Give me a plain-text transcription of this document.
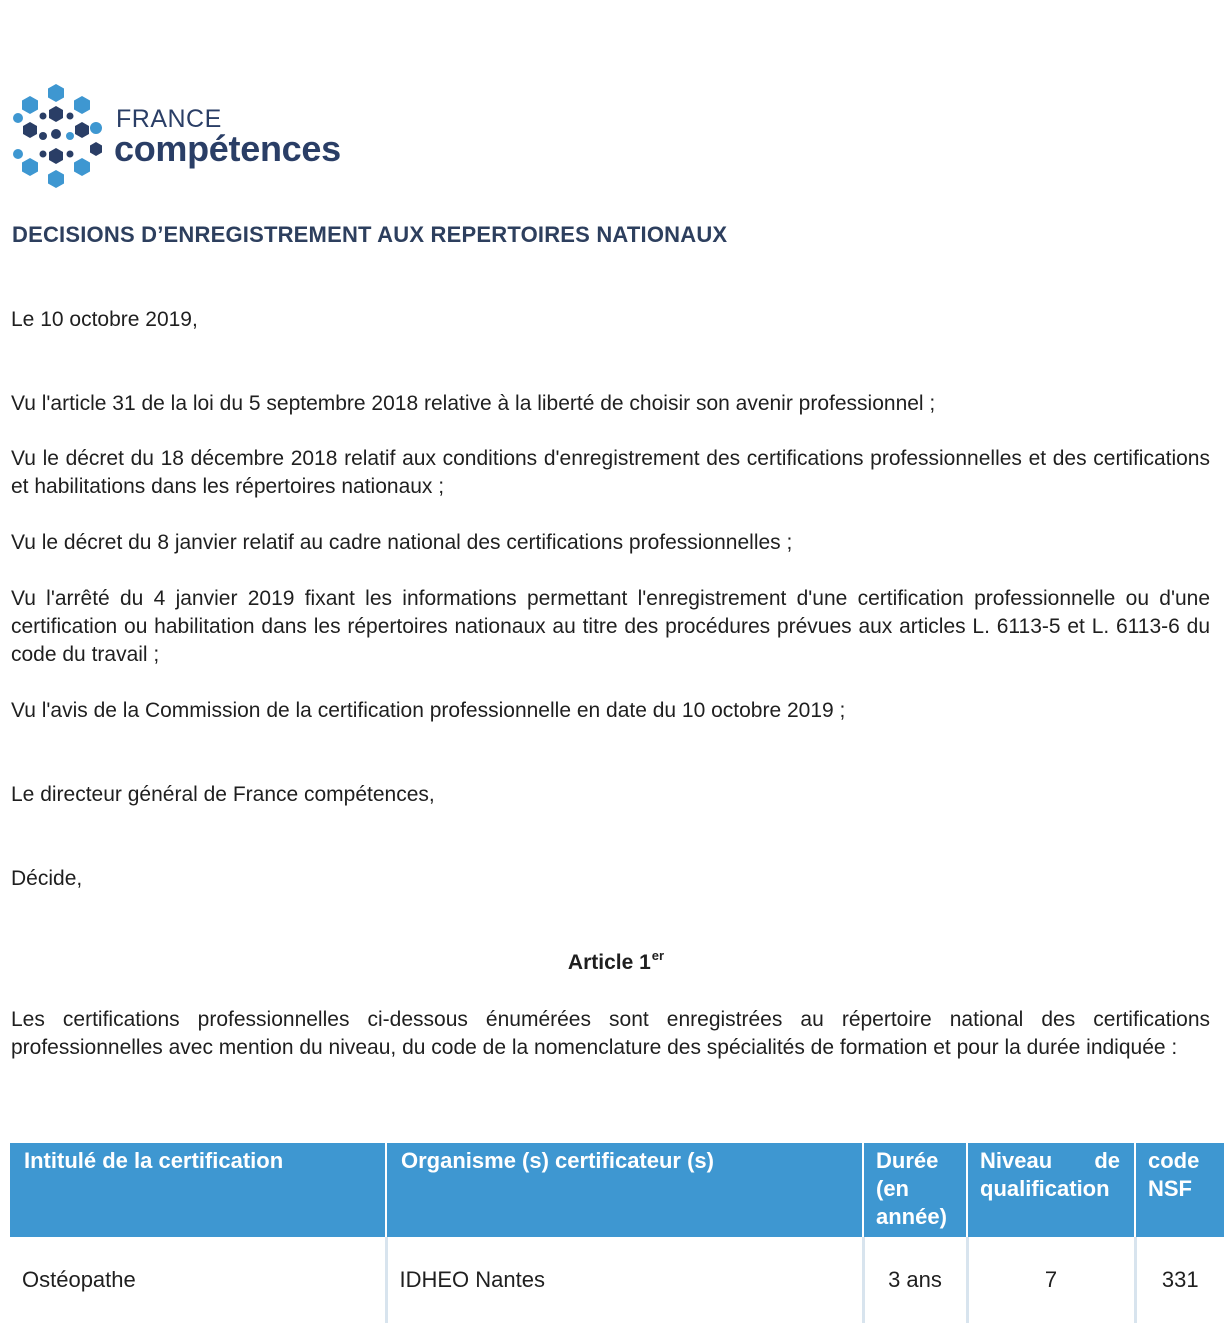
FRANCE
compétences
DECISIONS D’ENREGISTREMENT AUX REPERTOIRES NATIONAUX

Le 10 octobre 2019,

Vu l'article 31 de la loi du 5 septembre 2018 relative à la liberté de choisir son avenir professionnel ;

Vu le décret du 18 décembre 2018 relatif aux conditions d'enregistrement des certifications professionnelles et des certifications et habilitations dans les répertoires nationaux ;

Vu le décret du 8 janvier relatif au cadre national des certifications professionnelles ;

Vu l'arrêté du 4 janvier 2019 fixant les informations permettant l'enregistrement d'une certification professionnelle ou d'une certification ou habilitation dans les répertoires nationaux au titre des procédures prévues aux articles L. 6113-5 et L. 6113-6 du code du travail ;

Vu l'avis de la Commission de la certification professionnelle en date du 10 octobre 2019 ;

Le directeur général de France compétences,

Décide,

Article 1er

Les certifications professionnelles ci-dessous énumérées sont enregistrées au répertoire national des certifications professionnelles avec mention du niveau, du code de la nomenclature des spécialités de formation et pour la durée indiquée :

Intitulé de la certification	Organisme (s) certificateur (s)	Durée (en année)	Niveau de qualification	code NSF
Ostéopathe	IDHEO Nantes	3 ans	7	331
